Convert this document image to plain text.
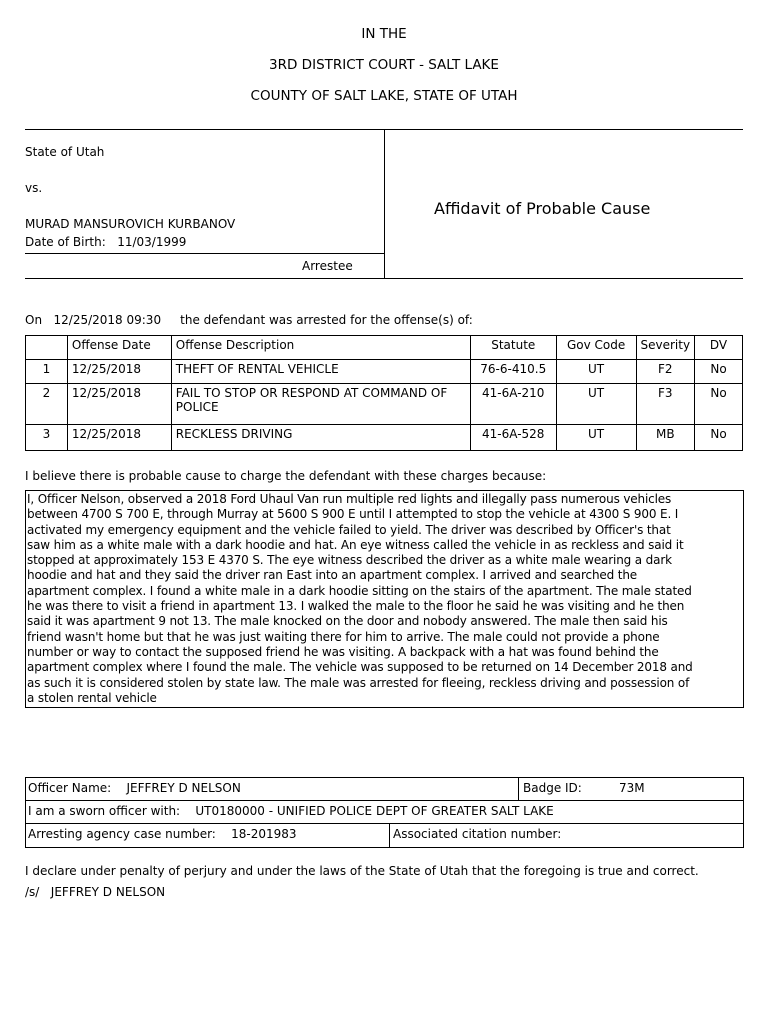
IN THE
3RD DISTRICT COURT - SALT LAKE
COUNTY OF SALT LAKE, STATE OF UTAH
State of Utah
vs.
MURAD MANSUROVICH KURBANOV
Date of Birth: 11/03/1999
Arrestee
Affidavit of Probable Cause
On 12/25/2018 09:30 the defendant was arrested for the offense(s) of:
	Offense Date	Offense Description	Statute	Gov Code	Severity	DV
1	12/25/2018	THEFT OF RENTAL VEHICLE	76-6-410.5	UT	F2	No
2	12/25/2018	FAIL TO STOP OR RESPOND AT COMMAND OF POLICE	41-6A-210	UT	F3	No
3	12/25/2018	RECKLESS DRIVING	41-6A-528	UT	MB	No
I believe there is probable cause to charge the defendant with these charges because:
I, Officer Nelson, observed a 2018 Ford Uhaul Van run multiple red lights and illegally pass numerous vehicles
between 4700 S 700 E, through Murray at 5600 S 900 E until I attempted to stop the vehicle at 4300 S 900 E. I
activated my emergency equipment and the vehicle failed to yield. The driver was described by Officer's that
saw him as a white male with a dark hoodie and hat. An eye witness called the vehicle in as reckless and said it
stopped at approximately 153 E 4370 S. The eye witness described the driver as a white male wearing a dark
hoodie and hat and they said the driver ran East into an apartment complex. I arrived and searched the
apartment complex. I found a white male in a dark hoodie sitting on the stairs of the apartment. The male stated
he was there to visit a friend in apartment 13. I walked the male to the floor he said he was visiting and he then
said it was apartment 9 not 13. The male knocked on the door and nobody answered. The male then said his
friend wasn't home but that he was just waiting there for him to arrive. The male could not provide a phone
number or way to contact the supposed friend he was visiting. A backpack with a hat was found behind the
apartment complex where I found the male. The vehicle was supposed to be returned on 14 December 2018 and
as such it is considered stolen by state law. The male was arrested for fleeing, reckless driving and possession of
a stolen rental vehicle
Officer Name: JEFFREY D NELSON	Badge ID:	73M
I am a sworn officer with: UT0180000 - UNIFIED POLICE DEPT OF GREATER SALT LAKE
Arresting agency case number: 18-201983	Associated citation number:
I declare under penalty of perjury and under the laws of the State of Utah that the foregoing is true and correct.
/s/ JEFFREY D NELSON
